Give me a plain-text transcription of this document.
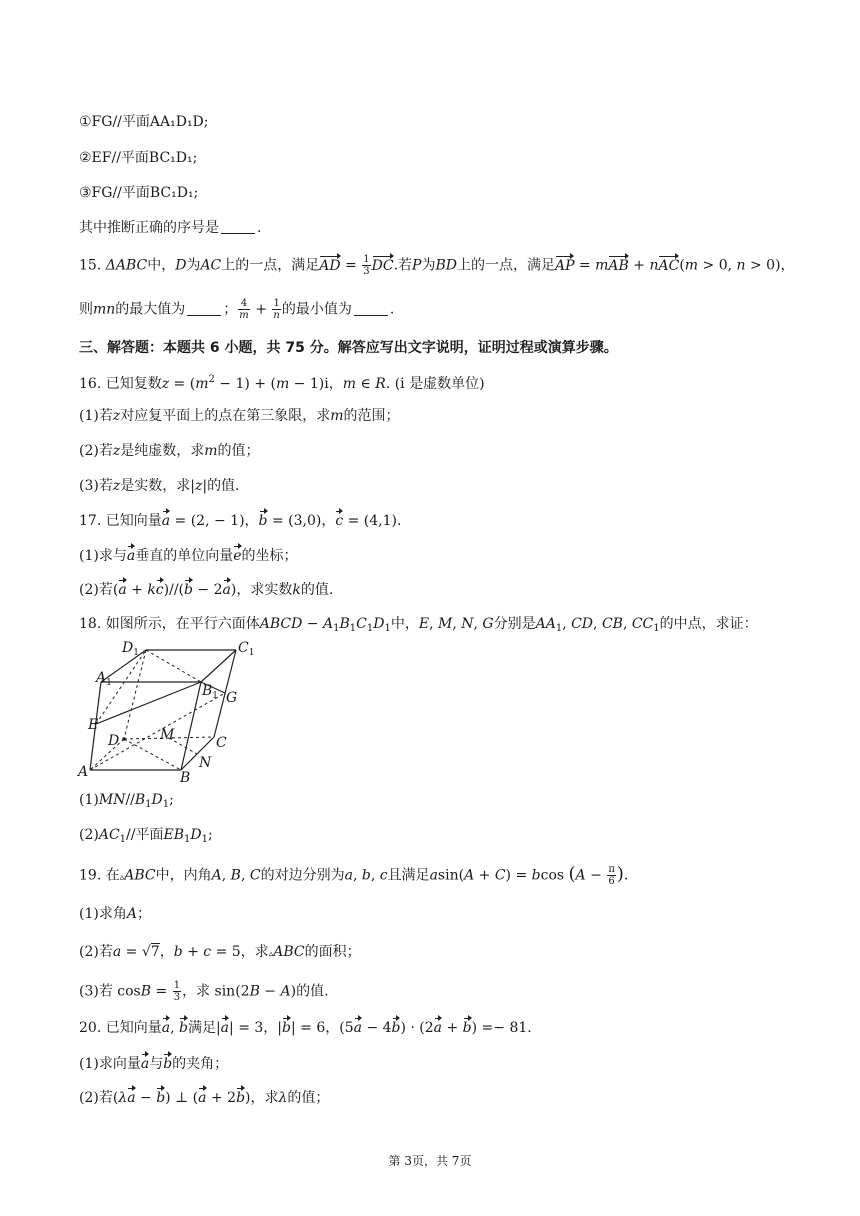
①FG//平面AA₁D₁D;
②EF//平面BC₁D₁;
③FG//平面BC₁D₁;
其中推断正确的序号是	.
15. ΔABC中，D为AC上的一点，满足AD = $\frac{1}{3}$ DC.若P为BD上的一点，满足AP = mAB + nAC(m > 0, n > 0)，
则mn的最大值为	； $\frac{4}{m} + \frac{1}{n}$ 的最小值为	.
三、解答题：本题共 6 小题，共 75 分。解答应写出文字说明，证明过程或演算步骤。
16. 已知复数$z = (m^2 - 1) + (m - 1)i$，m ∈ R. (i 是虚数单位)
(1)若z对应复平面上的点在第三象限，求m的范围；
(2)若z是纯虚数，求m的值；
(3)若z是实数，求|z|的值.
17. 已知向量a = (2, − 1)，b = (3,0)，c = (4,1).
(1)求与a垂直的单位向量e的坐标；
(2)若(a + kc)//(b − 2a)，求实数k的值.
18. 如图所示，在平行六面体ABCD − $A_1B_1C_1D_1$中，E, M, N, G分别是$AA_1$, CD, CB, $CC_1$的中点，求证：
$D_1$	$C_1$
$A_1$	$B_1$ G
E
D	M	C
A
N
B
$(1)MN//B_1D_1$;
$(2)AC_1//$平面$EB_1D_1$;
19. 在▵ABC中，内角A, B, C的对边分别为a, b, c且满足asin(A + C) = bcos ($A - \frac{\pi}{6}$ ).
(1)求角A；
(2)若a = √7，b + c = 5，求▵ABC的面积；
(3)若 $\cos B = \frac{1}{3}$ ，求 sin(2B − A)的值.
20. 已知向量a, b满足|a| = 3，|b| = 6，(5a − 4b) · (2a + b) =− 81.
(1)求向量a与b的夹角；
(2)若(λa − b) ⊥ (a + 2b)，求λ的值；
第 3页，共 7页
